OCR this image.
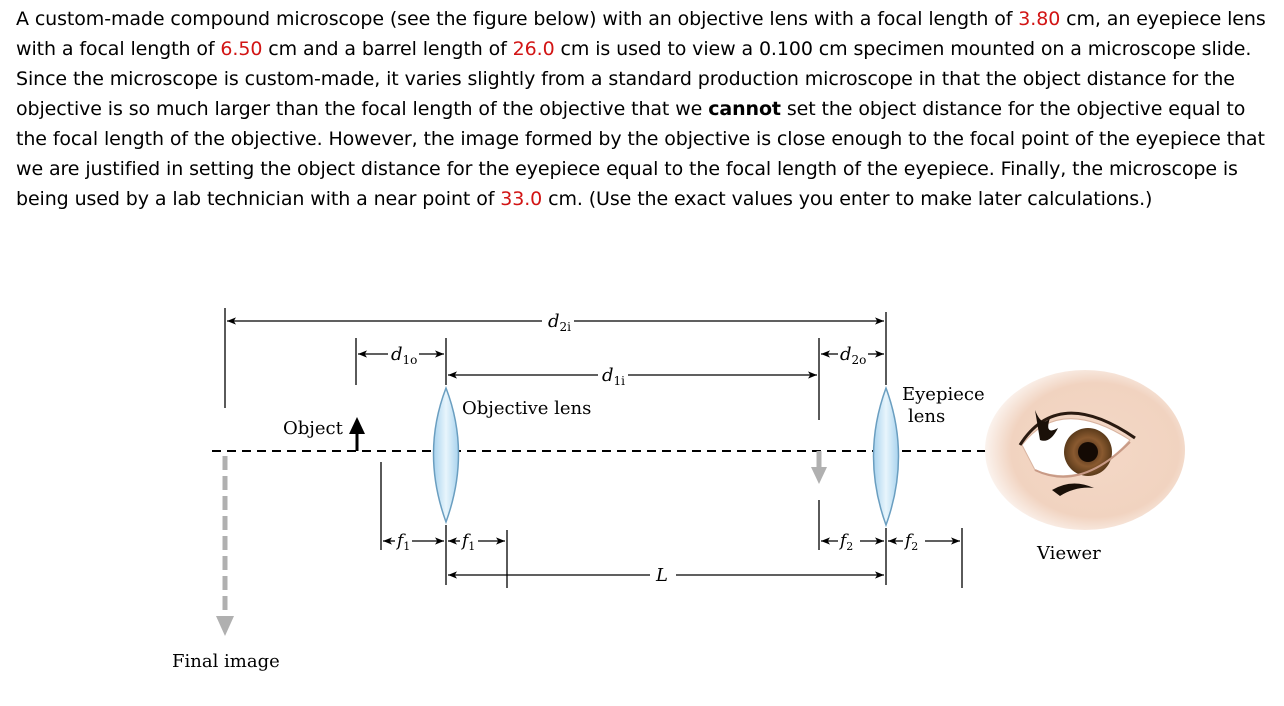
A custom-made compound microscope (see the figure below) with an objective lens with a focal length of 3.80 cm, an eyepiece lens with a focal length of 6.50 cm and a barrel length of 26.0 cm is used to view a 0.100 cm specimen mounted on a microscope slide. Since the microscope is custom-made, it varies slightly from a standard production microscope in that the object distance for the objective is so much larger than the focal length of the objective that we cannot set the object distance for the objective equal to the focal length of the objective. However, the image formed by the objective is close enough to the focal point of the eyepiece that we are justified in setting the object distance for the eyepiece equal to the focal length of the eyepiece. Finally, the microscope is being used by a lab technician with a near point of 33.0 cm. (Use the exact values you enter to make later calculations.)
$d_{2i}$
$d_{1o}$
$d_{1i}$
$d_{2o}$
$f_1$	$f_1$	$f_2$	$f_2$
L
Object
Objective lens
Eyepiece
lens
Viewer
Final image
